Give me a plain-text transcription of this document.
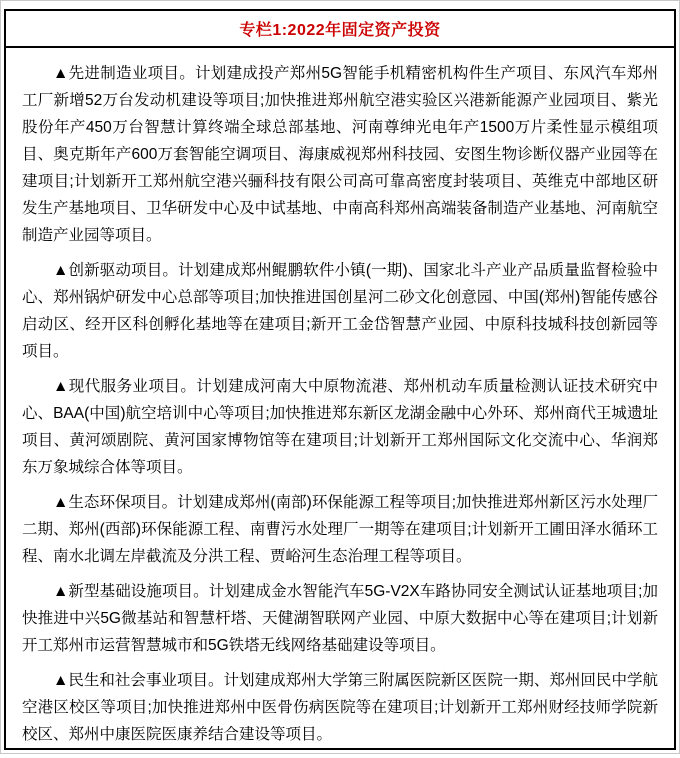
专栏1:2022年固定资产投资

▲先进制造业项目。计划建成投产郑州5G智能手机精密机构件生产项目、东风汽车郑州工厂新增52万台发动机建设等项目;加快推进郑州航空港实验区兴港新能源产业园项目、紫光股份年产450万台智慧计算终端全球总部基地、河南尊绅光电年产1500万片柔性显示模组项目、奥克斯年产600万套智能空调项目、海康威视郑州科技园、安图生物诊断仪器产业园等在建项目;计划新开工郑州航空港兴骊科技有限公司高可靠高密度封装项目、英维克中部地区研发生产基地项目、卫华研发中心及中试基地、中南高科郑州高端装备制造产业基地、河南航空制造产业园等项目。

▲创新驱动项目。计划建成郑州鲲鹏软件小镇(一期)、国家北斗产业产品质量监督检验中心、郑州锅炉研发中心总部等项目;加快推进国创星河二砂文化创意园、中国(郑州)智能传感谷启动区、经开区科创孵化基地等在建项目;新开工金岱智慧产业园、中原科技城科技创新园等项目。

▲现代服务业项目。计划建成河南大中原物流港、郑州机动车质量检测认证技术研究中心、BAA(中国)航空培训中心等项目;加快推进郑东新区龙湖金融中心外环、郑州商代王城遗址项目、黄河颂剧院、黄河国家博物馆等在建项目;计划新开工郑州国际文化交流中心、华润郑东万象城综合体等项目。

▲生态环保项目。计划建成郑州(南部)环保能源工程等项目;加快推进郑州新区污水处理厂二期、郑州(西部)环保能源工程、南曹污水处理厂一期等在建项目;计划新开工圃田泽水循环工程、南水北调左岸截流及分洪工程、贾峪河生态治理工程等项目。

▲新型基础设施项目。计划建成金水智能汽车5G-V2X车路协同安全测试认证基地项目;加快推进中兴5G微基站和智慧杆塔、天健湖智联网产业园、中原大数据中心等在建项目;计划新开工郑州市运营智慧城市和5G铁塔无线网络基础建设等项目。

▲民生和社会事业项目。计划建成郑州大学第三附属医院新区医院一期、郑州回民中学航空港区校区等项目;加快推进郑州中医骨伤病医院等在建项目;计划新开工郑州财经技师学院新校区、郑州中康医院医康养结合建设等项目。
